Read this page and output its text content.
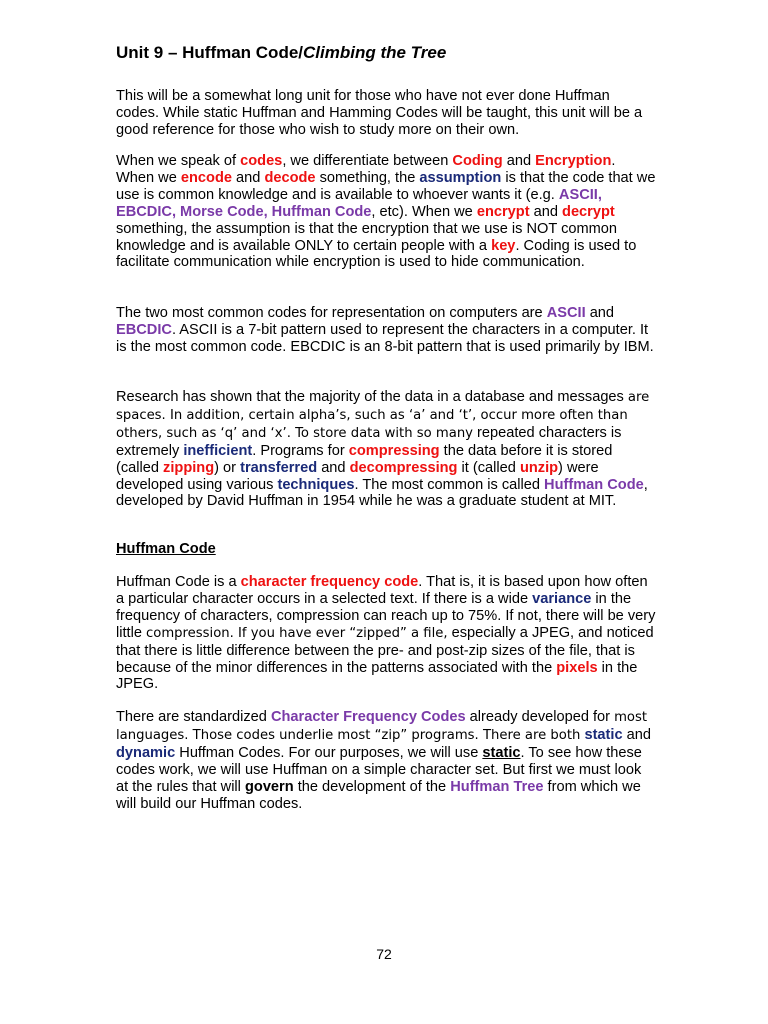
Unit 9 – Huffman Code/Climbing the Tree

This will be a somewhat long unit for those who have not ever done Huffman codes. While static Huffman and Hamming Codes will be taught, this unit will be a good reference for those who wish to study more on their own.

When we speak of codes, we differentiate between Coding and Encryption. When we encode and decode something, the assumption is that the code that we use is common knowledge and is available to whoever wants it (e.g. ASCII, EBCDIC, Morse Code, Huffman Code, etc). When we encrypt and decrypt something, the assumption is that the encryption that we use is NOT common knowledge and is available ONLY to certain people with a key. Coding is used to facilitate communication while encryption is used to hide communication.

The two most common codes for representation on computers are ASCII and EBCDIC. ASCII is a 7-bit pattern used to represent the characters in a computer. It is the most common code. EBCDIC is an 8-bit pattern that is used primarily by IBM.

Research has shown that the majority of the data in a database and messages are spaces. In addition, certain alpha’s, such as ‘a’ and ‘t’, occur more often than others, such as ‘q’ and ‘x’. To store data with so many repeated characters is extremely inefficient. Programs for compressing the data before it is stored (called zipping) or transferred and decompressing it (called unzip) were developed using various techniques. The most common is called Huffman Code, developed by David Huffman in 1954 while he was a graduate student at MIT.

Huffman Code

Huffman Code is a character frequency code. That is, it is based upon how often a particular character occurs in a selected text. If there is a wide variance in the frequency of characters, compression can reach up to 75%. If not, there will be very little compression. If you have ever “zipped” a file, especially a JPEG, and noticed that there is little difference between the pre- and post-zip sizes of the file, that is because of the minor differences in the patterns associated with the pixels in the JPEG.

There are standardized Character Frequency Codes already developed for most languages. Those codes underlie most “zip” programs. There are both static and dynamic Huffman Codes. For our purposes, we will use static. To see how these codes work, we will use Huffman on a simple character set. But first we must look at the rules that will govern the development of the Huffman Tree from which we will build our Huffman codes.

72
